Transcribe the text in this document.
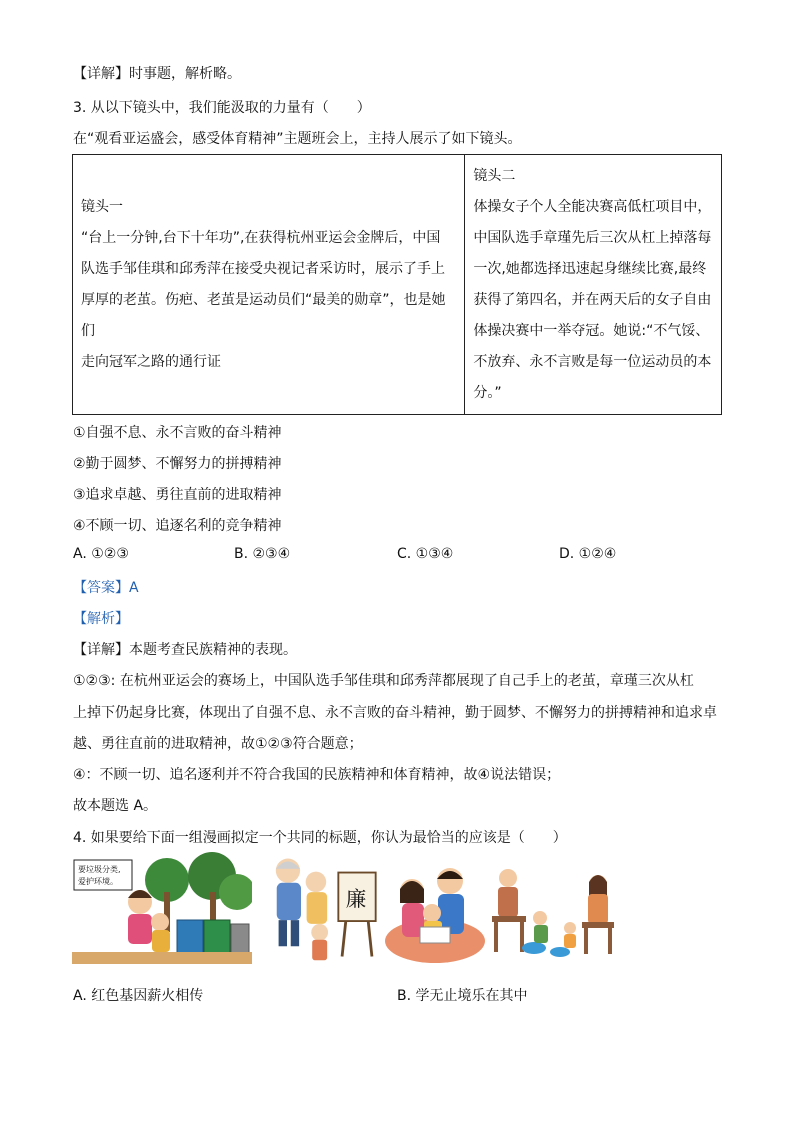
【详解】时事题，解析略。
3. 从以下镜头中，我们能汲取的力量有（　　）
在“观看亚运盛会，感受体育精神”主题班会上，主持人展示了如下镜头。
镜头一
“台上一分钟,台下十年功”,在获得杭州亚运会金牌后，中国
队选手邹佳琪和邱秀萍在接受央视记者采访时，展示了手上
厚厚的老茧。伤疤、老茧是运动员们“最美的勋章”，也是她们
走向冠军之路的通行证

镜头二
体操女子个人全能决赛高低杠项目中，
中国队选手章瑾先后三次从杠上掉落每
一次,她都选择迅速起身继续比赛,最终
获得了第四名，并在两天后的女子自由
体操决赛中一举夺冠。她说:“不气馁、
不放弃、永不言败是每一位运动员的本
分。”
①自强不息、永不言败的奋斗精神
②勤于圆梦、不懈努力的拼搏精神
③追求卓越、勇往直前的进取精神
④不顾一切、追逐名利的竞争精神
A. ①②③	B. ②③④	C. ①③④	D. ①②④
【答案】A
【解析】
【详解】本题考查民族精神的表现。
①②③: 在杭州亚运会的赛场上，中国队选手邹佳琪和邱秀萍都展现了自己手上的老茧，章瑾三次从杠
上掉下仍起身比赛，体现出了自强不息、永不言败的奋斗精神，勤于圆梦、不懈努力的拼搏精神和追求卓
越、勇往直前的进取精神，故①②③符合题意；
④：不顾一切、追名逐利并不符合我国的民族精神和体育精神，故④说法错误；
故本题选 A。
4. 如果要给下面一组漫画拟定一个共同的标题，你认为最恰当的应该是（　　）
要垃圾分类,
爱护环境。
廉
A. 红色基因薪火相传	B. 学无止境乐在其中
